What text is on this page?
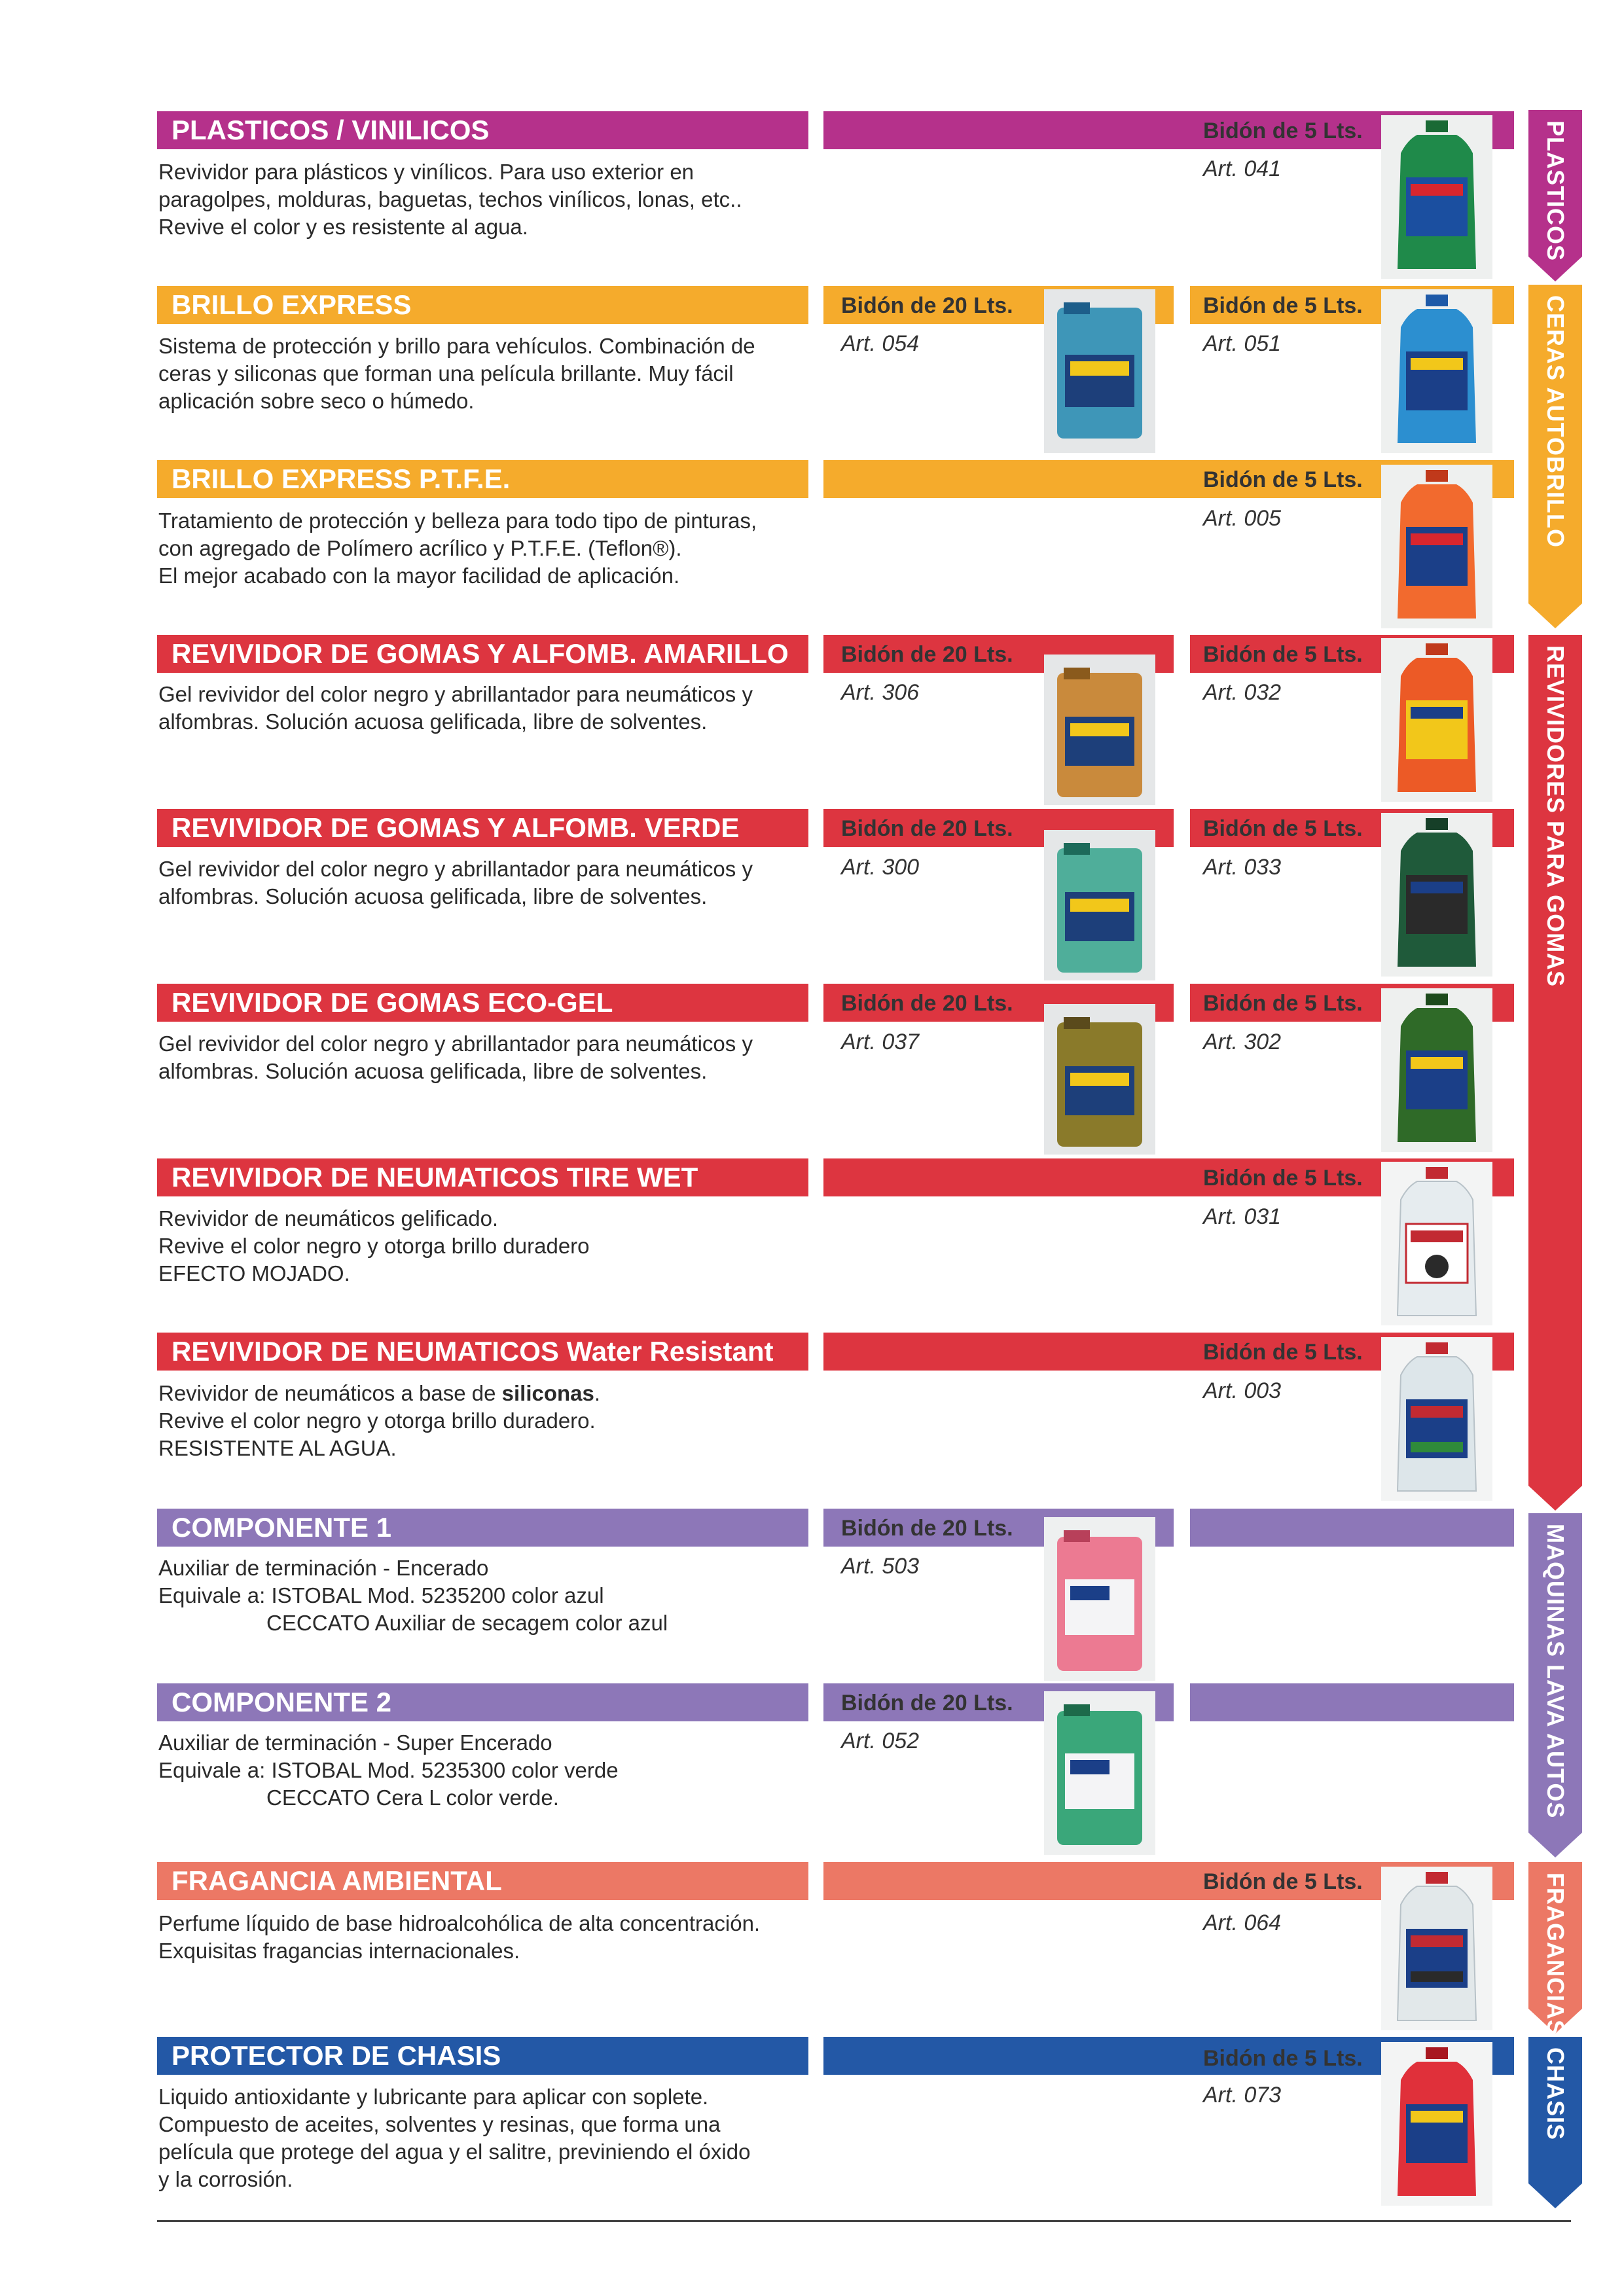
PLASTICOS
CERAS AUTOBRILLO
REVIVIDORES PARA GOMAS
MAQUINAS LAVA AUTOS
FRAGANCIAS
CHASIS
PLASTICOS / VINILICOS
Revividor para plásticos y vinílicos. Para uso exterior en
paragolpes, molduras, baguetas, techos vinílicos, lonas, etc..
Revive el color y es resistente al agua.
Bidón de 5 Lts.
Art. 041
BRILLO EXPRESS
Sistema de protección y brillo para vehículos. Combinación de
ceras y siliconas que forman una película brillante. Muy fácil
aplicación sobre seco o húmedo.
Bidón de 20 Lts.
Art. 054
Bidón de 5 Lts.
Art. 051
BRILLO EXPRESS P.T.F.E.
Tratamiento de protección y belleza para todo tipo de pinturas,
con agregado de Polímero acrílico y P.T.F.E. (Teflon®).
El mejor acabado con la mayor facilidad de aplicación.
Bidón de 5 Lts.
Art. 005
REVIVIDOR DE GOMAS Y ALFOMB. AMARILLO
Gel revividor del color negro y abrillantador para neumáticos y
alfombras. Solución acuosa gelificada, libre de solventes.
Bidón de 20 Lts.
Art. 306
Bidón de 5 Lts.
Art. 032
REVIVIDOR DE GOMAS Y ALFOMB. VERDE
Gel revividor del color negro y abrillantador para neumáticos y
alfombras. Solución acuosa gelificada, libre de solventes.
Bidón de 20 Lts.
Art. 300
Bidón de 5 Lts.
Art. 033
REVIVIDOR DE GOMAS ECO-GEL
Gel revividor del color negro y abrillantador para neumáticos y
alfombras. Solución acuosa gelificada, libre de solventes.
Bidón de 20 Lts.
Art. 037
Bidón de 5 Lts.
Art. 302
REVIVIDOR DE NEUMATICOS TIRE WET
Revividor de neumáticos gelificado.
Revive el color negro y otorga brillo duradero
EFECTO MOJADO.
Bidón de 5 Lts.
Art. 031
REVIVIDOR DE NEUMATICOS Water Resistant
Revividor de neumáticos a base de siliconas.
Revive el color negro y otorga brillo duradero.
RESISTENTE AL AGUA.
Bidón de 5 Lts.
Art. 003
COMPONENTE 1
Auxiliar de terminación - Encerado
Equivale a: ISTOBAL Mod. 5235200 color azul
CECCATO Auxiliar de secagem color azul
Bidón de 20 Lts.
Art. 503
COMPONENTE 2
Auxiliar de terminación - Super Encerado
Equivale a: ISTOBAL Mod. 5235300 color verde
CECCATO Cera L color verde.
Bidón de 20 Lts.
Art. 052
FRAGANCIA AMBIENTAL
Perfume líquido de base hidroalcohólica de alta concentración.
Exquisitas fragancias internacionales.
Bidón de 5 Lts.
Art. 064
PROTECTOR DE CHASIS
Liquido antioxidante y lubricante para aplicar con soplete.
Compuesto de aceites, solventes y resinas, que forma una
película que protege del agua y el salitre, previniendo el óxido
y la corrosión.
Bidón de 5 Lts.
Art. 073
